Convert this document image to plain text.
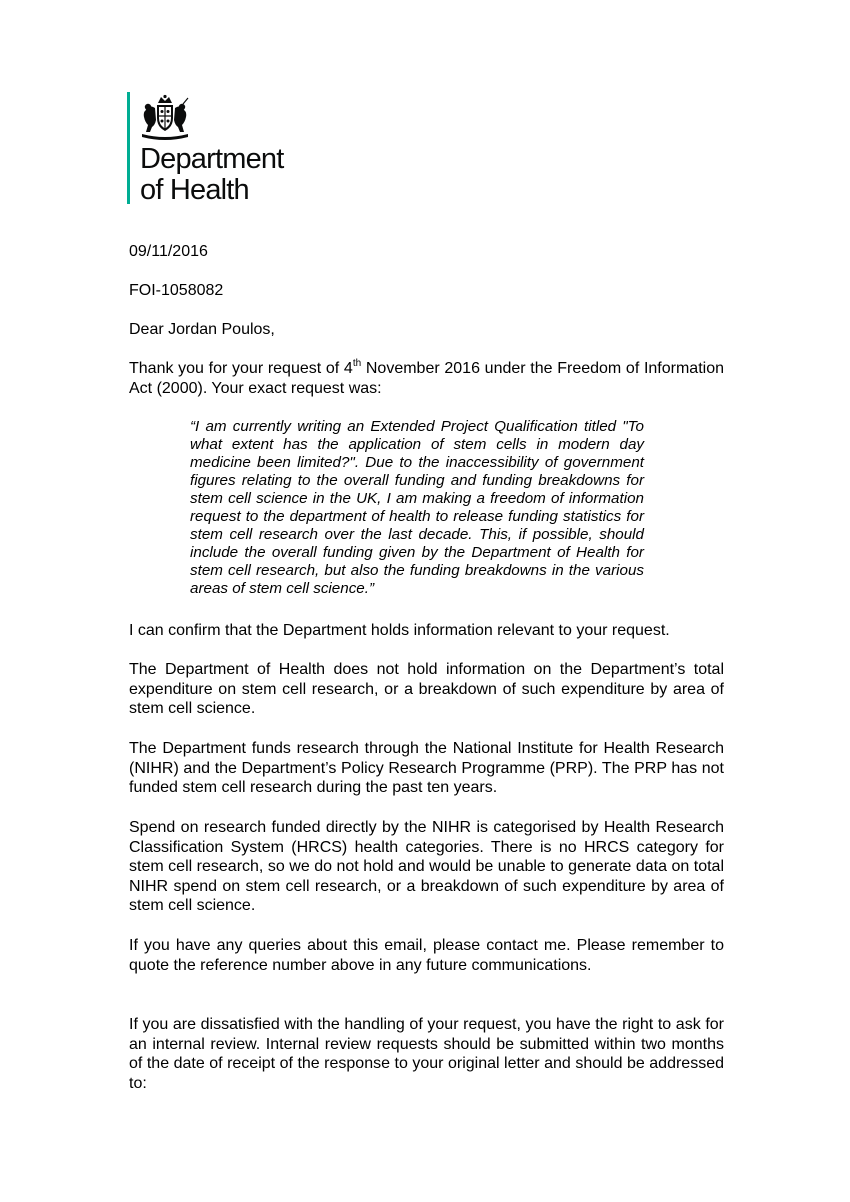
Department
of Health
09/11/2016
FOI-1058082
Dear Jordan Poulos,
Thank you for your request of 4th November 2016 under the Freedom of Information Act (2000). Your exact request was:
“I am currently writing an Extended Project Qualification titled "To what extent has the application of stem cells in modern day medicine been limited?". Due to the inaccessibility of government figures relating to the overall funding and funding breakdowns for stem cell science in the UK, I am making a freedom of information request to the department of health to release funding statistics for stem cell research over the last decade. This, if possible, should include the overall funding given by the Department of Health for stem cell research, but also the funding breakdowns in the various areas of stem cell science.”
I can confirm that the Department holds information relevant to your request.
The Department of Health does not hold information on the Department’s total expenditure on stem cell research, or a breakdown of such expenditure by area of stem cell science.
The Department funds research through the National Institute for Health Research (NIHR) and the Department’s Policy Research Programme (PRP). The PRP has not funded stem cell research during the past ten years.
Spend on research funded directly by the NIHR is categorised by Health Research Classification System (HRCS) health categories. There is no HRCS category for stem cell research, so we do not hold and would be unable to generate data on total NIHR spend on stem cell research, or a breakdown of such expenditure by area of stem cell science.
If you have any queries about this email, please contact me. Please remember to quote the reference number above in any future communications.
If you are dissatisfied with the handling of your request, you have the right to ask for an internal review. Internal review requests should be submitted within two months of the date of receipt of the response to your original letter and should be addressed to:
